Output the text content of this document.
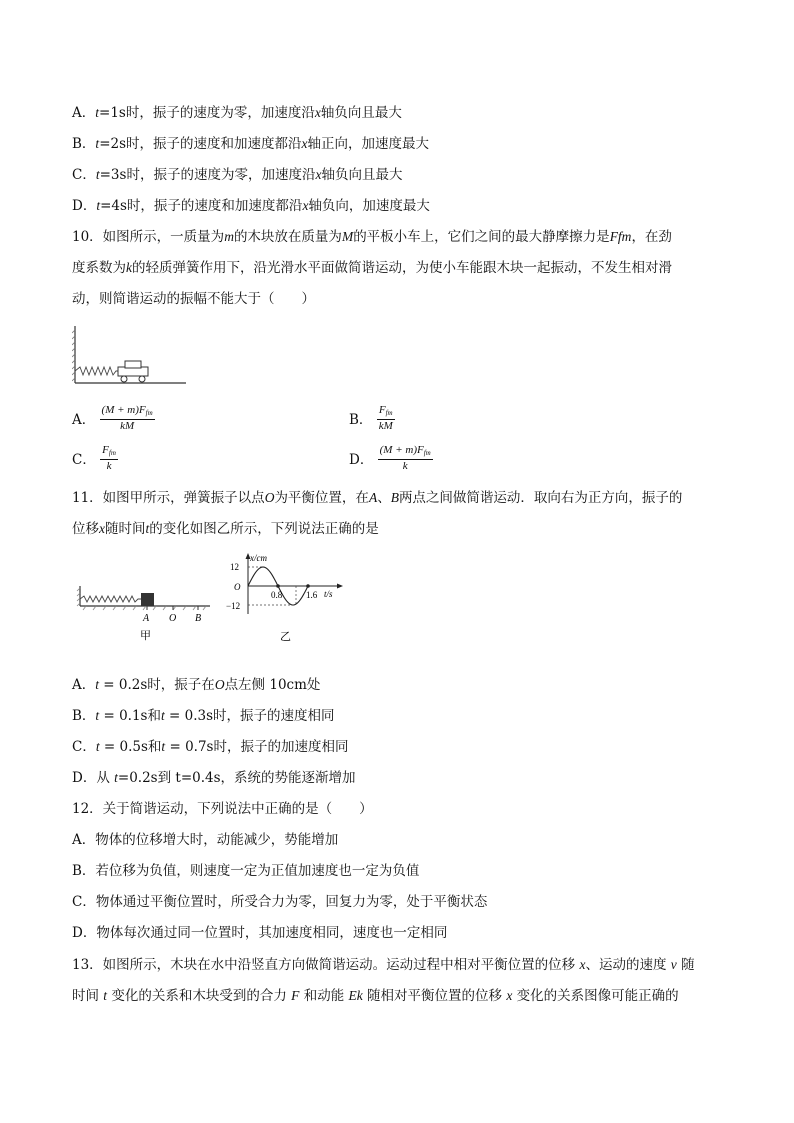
A．t=1s时，振子的速度为零，加速度沿x轴负向且最大
B．t=2s时，振子的速度和加速度都沿x轴正向，加速度最大
C．t=3s时，振子的速度为零，加速度沿x轴负向且最大
D．t=4s时，振子的速度和加速度都沿x轴负向，加速度最大
10．如图所示，一质量为m的木块放在质量为M的平板小车上，它们之间的最大静摩擦力是Ffm，在劲
度系数为k的轻质弹簧作用下，沿光滑水平面做简谐运动，为使小车能跟木块一起振动，不发生相对滑
动，则简谐运动的振幅不能大于（　　）
A． $\frac{(M + m)F_{fm}}{kM}$	B． $\frac{F_{fm}}{kM}$
C． $\frac{F_{fm}}{k}$	D． $\frac{(M + m)F_{fm}}{k}$
11．如图甲所示，弹簧振子以点O为平衡位置，在A、B两点之间做简谐运动．取向右为正方向，振子的
位移x随时间t的变化如图乙所示，下列说法正确的是
A O B
甲
x/cm
12
O
−12
0.8	1.6 t/s
乙
A．t = 0.2s时，振子在O点左侧 10cm处
B．t = 0.1s和t = 0.3s时，振子的速度相同
C．t = 0.5s和t = 0.7s时，振子的加速度相同
D．从 t=0.2s到 t=0.4s，系统的势能逐渐增加
12．关于简谐运动，下列说法中正确的是（　　）
A．物体的位移增大时，动能减少，势能增加
B．若位移为负值，则速度一定为正值加速度也一定为负值
C．物体通过平衡位置时，所受合力为零，回复力为零，处于平衡状态
D．物体每次通过同一位置时，其加速度相同，速度也一定相同
13．如图所示，木块在水中沿竖直方向做简谐运动。运动过程中相对平衡位置的位移 x、运动的速度 v 随
时间 t 变化的关系和木块受到的合力 F 和动能 Ek 随相对平衡位置的位移 x 变化的关系图像可能正确的
